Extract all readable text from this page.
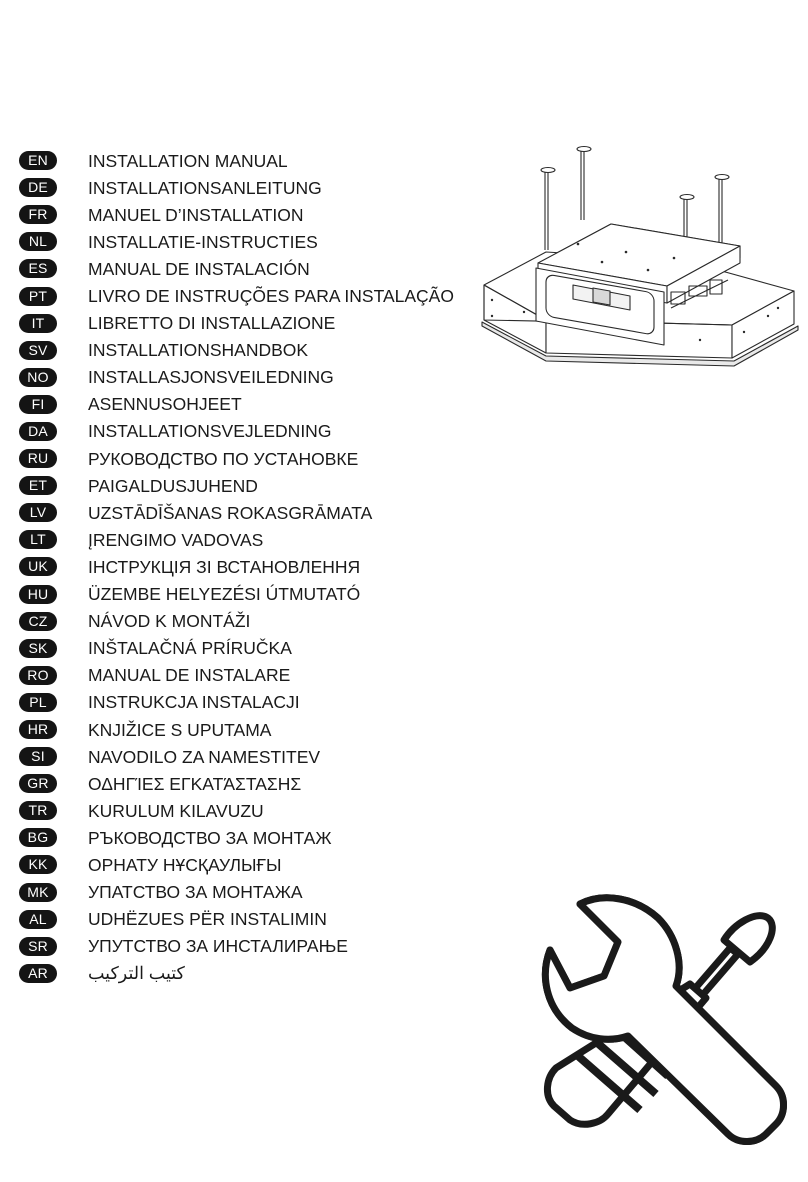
EN	INSTALLATION MANUAL
DE	INSTALLATIONSANLEITUNG
FR	MANUEL D’INSTALLATION
NL	INSTALLATIE-INSTRUCTIES
ES	MANUAL DE INSTALACIÓN
PT	LIVRO DE INSTRUÇÕES PARA INSTALAÇÃO
IT	LIBRETTO DI INSTALLAZIONE
SV	INSTALLATIONSHANDBOK
NO	INSTALLASJONSVEILEDNING
FI	ASENNUSOHJEET
DA	INSTALLATIONSVEJLEDNING
RU	РУКОВОДСТВО ПО УСТАНОВКЕ
ET	PAIGALDUSJUHEND
LV	UZSTĀDĪŠANAS ROKASGRĀMATA
LT	ĮRENGIMO VADOVAS
UK	ІНСТРУКЦІЯ ЗІ ВСТАНОВЛЕННЯ
HU	ÜZEMBE HELYEZÉSI ÚTMUTATÓ
CZ	NÁVOD K MONTÁŽI
SK	INŠTALAČNÁ PRÍRUČKA
RO	MANUAL DE INSTALARE
PL	INSTRUKCJA INSTALACJI
HR	KNJIŽICE S UPUTAMA
SI	NAVODILO ZA NAMESTITEV
GR	ΟΔΗΓΊΕΣ ΕΓΚΑΤΆΣΤΑΣΗΣ
TR	KURULUM KILAVUZU
BG	РЪКОВОДСТВО ЗА МОНТАЖ
KK	ОРНАТУ НҰСҚАУЛЫҒЫ
MK	УПАТСТВО ЗА МОНТАЖА
AL	UDHËZUES PËR INSTALIMIN
SR	УПУТСТВО ЗА ИНСТАЛИРАЊЕ
AR	كتيب التركيب
